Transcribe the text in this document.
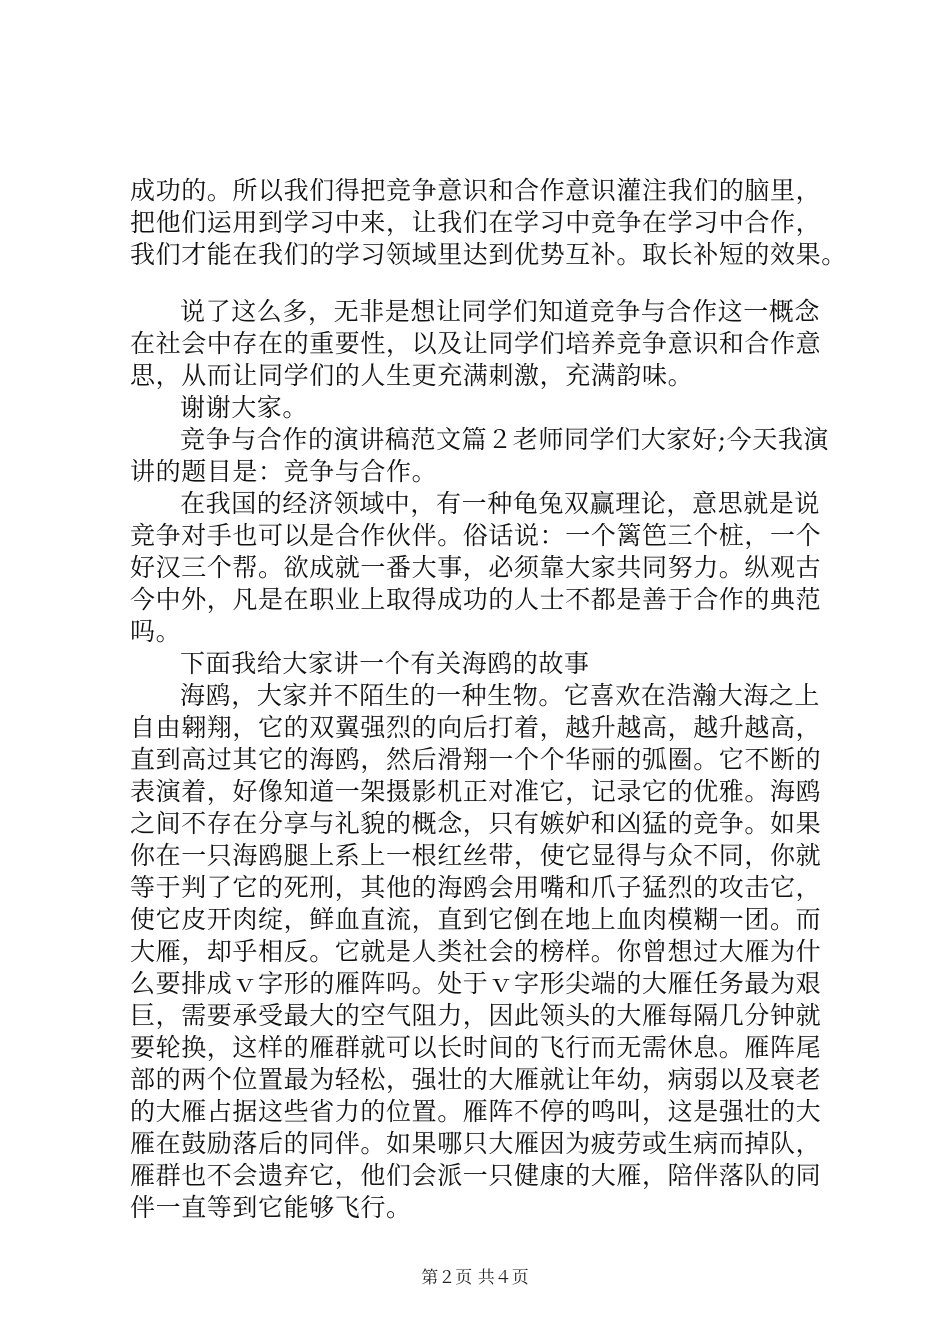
成功的。所以我们得把竞争意识和合作意识灌注我们的脑里，
把他们运用到学习中来，让我们在学习中竞争在学习中合作，
我们才能在我们的学习领域里达到优势互补。取长补短的效果。
说了这么多，无非是想让同学们知道竞争与合作这一概念
在社会中存在的重要性，以及让同学们培养竞争意识和合作意
思，从而让同学们的人生更充满刺激，充满韵味。
谢谢大家。
竞争与合作的演讲稿范文篇２老师同学们大家好;今天我演
讲的题目是：竞争与合作。
在我国的经济领域中，有一种龟兔双赢理论，意思就是说
竞争对手也可以是合作伙伴。俗话说：一个篱笆三个桩，一个
好汉三个帮。欲成就一番大事，必须靠大家共同努力。纵观古
今中外，凡是在职业上取得成功的人士不都是善于合作的典范
吗。
下面我给大家讲一个有关海鸥的故事
海鸥，大家并不陌生的一种生物。它喜欢在浩瀚大海之上
自由翱翔，它的双翼强烈的向后打着，越升越高，越升越高，
直到高过其它的海鸥，然后滑翔一个个华丽的弧圈。它不断的
表演着，好像知道一架摄影机正对准它，记录它的优雅。海鸥
之间不存在分享与礼貌的概念，只有嫉妒和凶猛的竞争。如果
你在一只海鸥腿上系上一根红丝带，使它显得与众不同，你就
等于判了它的死刑，其他的海鸥会用嘴和爪子猛烈的攻击它，
使它皮开肉绽，鲜血直流，直到它倒在地上血肉模糊一团。而
大雁，却乎相反。它就是人类社会的榜样。你曾想过大雁为什
么要排成ｖ字形的雁阵吗。处于ｖ字形尖端的大雁任务最为艰
巨，需要承受最大的空气阻力，因此领头的大雁每隔几分钟就
要轮换，这样的雁群就可以长时间的飞行而无需休息。雁阵尾
部的两个位置最为轻松，强壮的大雁就让年幼，病弱以及衰老
的大雁占据这些省力的位置。雁阵不停的鸣叫，这是强壮的大
雁在鼓励落后的同伴。如果哪只大雁因为疲劳或生病而掉队，
雁群也不会遗弃它，他们会派一只健康的大雁，陪伴落队的同
伴一直等到它能够飞行。
第２页 共４页
